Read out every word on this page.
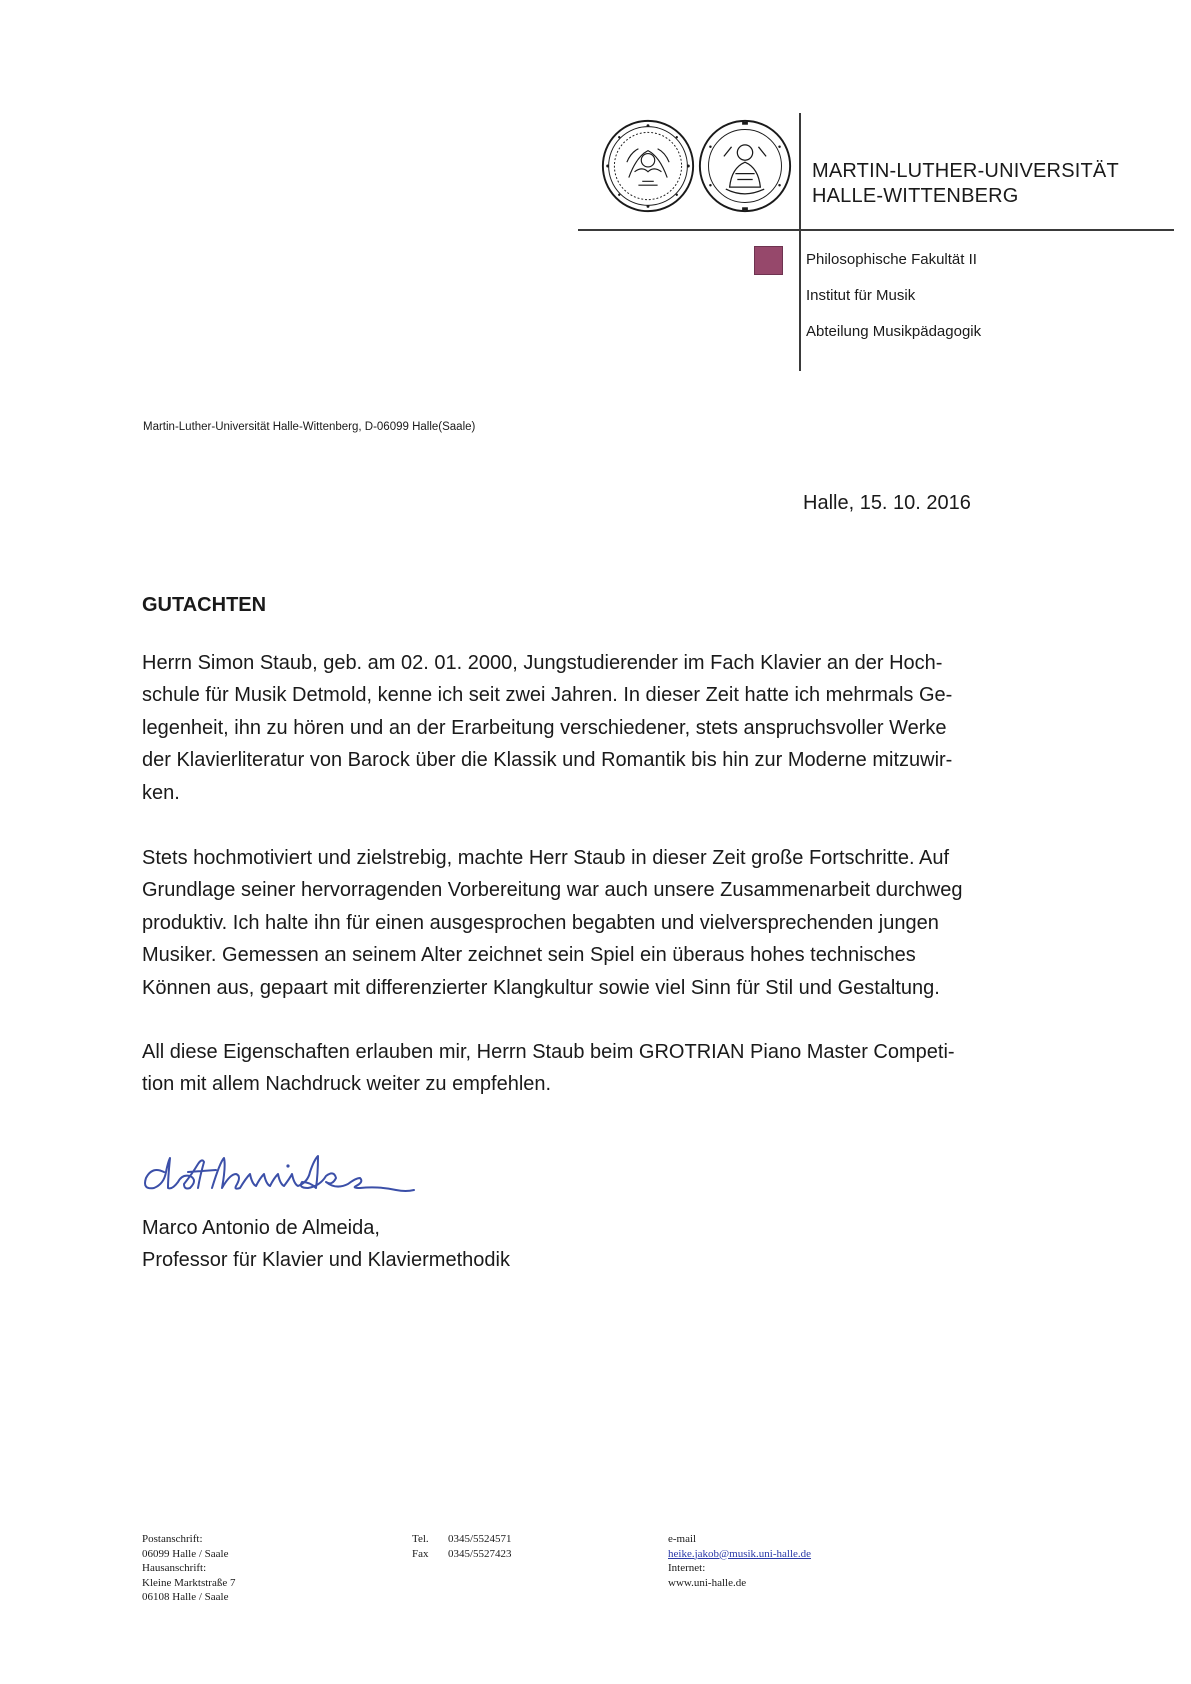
MARTIN-LUTHER-UNIVERSITÄT
HALLE-WITTENBERG
Philosophische Fakultät II
Institut für Musik
Abteilung Musikpädagogik
Martin-Luther-Universität Halle-Wittenberg, D-06099 Halle(Saale)
Halle, 15. 10. 2016
GUTACHTEN
Herrn Simon Staub, geb. am 02. 01. 2000, Jungstudierender im Fach Klavier an der Hoch-
schule für Musik Detmold, kenne ich seit zwei Jahren. In dieser Zeit hatte ich mehrmals Ge-
legenheit, ihn zu hören und an der Erarbeitung verschiedener, stets anspruchsvoller Werke
der Klavierliteratur von Barock über die Klassik und Romantik bis hin zur Moderne mitzuwir-
ken.
Stets hochmotiviert und zielstrebig, machte Herr Staub in dieser Zeit große Fortschritte. Auf
Grundlage seiner hervorragenden Vorbereitung war auch unsere Zusammenarbeit durchweg
produktiv. Ich halte ihn für einen ausgesprochen begabten und vielversprechenden jungen
Musiker. Gemessen an seinem Alter zeichnet sein Spiel ein überaus hohes technisches
Können aus, gepaart mit differenzierter Klangkultur sowie viel Sinn für Stil und Gestaltung.
All diese Eigenschaften erlauben mir, Herrn Staub beim GROTRIAN Piano Master Competi-
tion mit allem Nachdruck weiter zu empfehlen.
Marco Antonio de Almeida,
Professor für Klavier und Klaviermethodik
Postanschrift:
06099 Halle / Saale
Hausanschrift:
Kleine Marktstraße 7
06108 Halle / Saale
Tel. 0345/5524571
Fax 0345/5527423
e-mail
heike.jakob@musik.uni-halle.de
Internet:
www.uni-halle.de
